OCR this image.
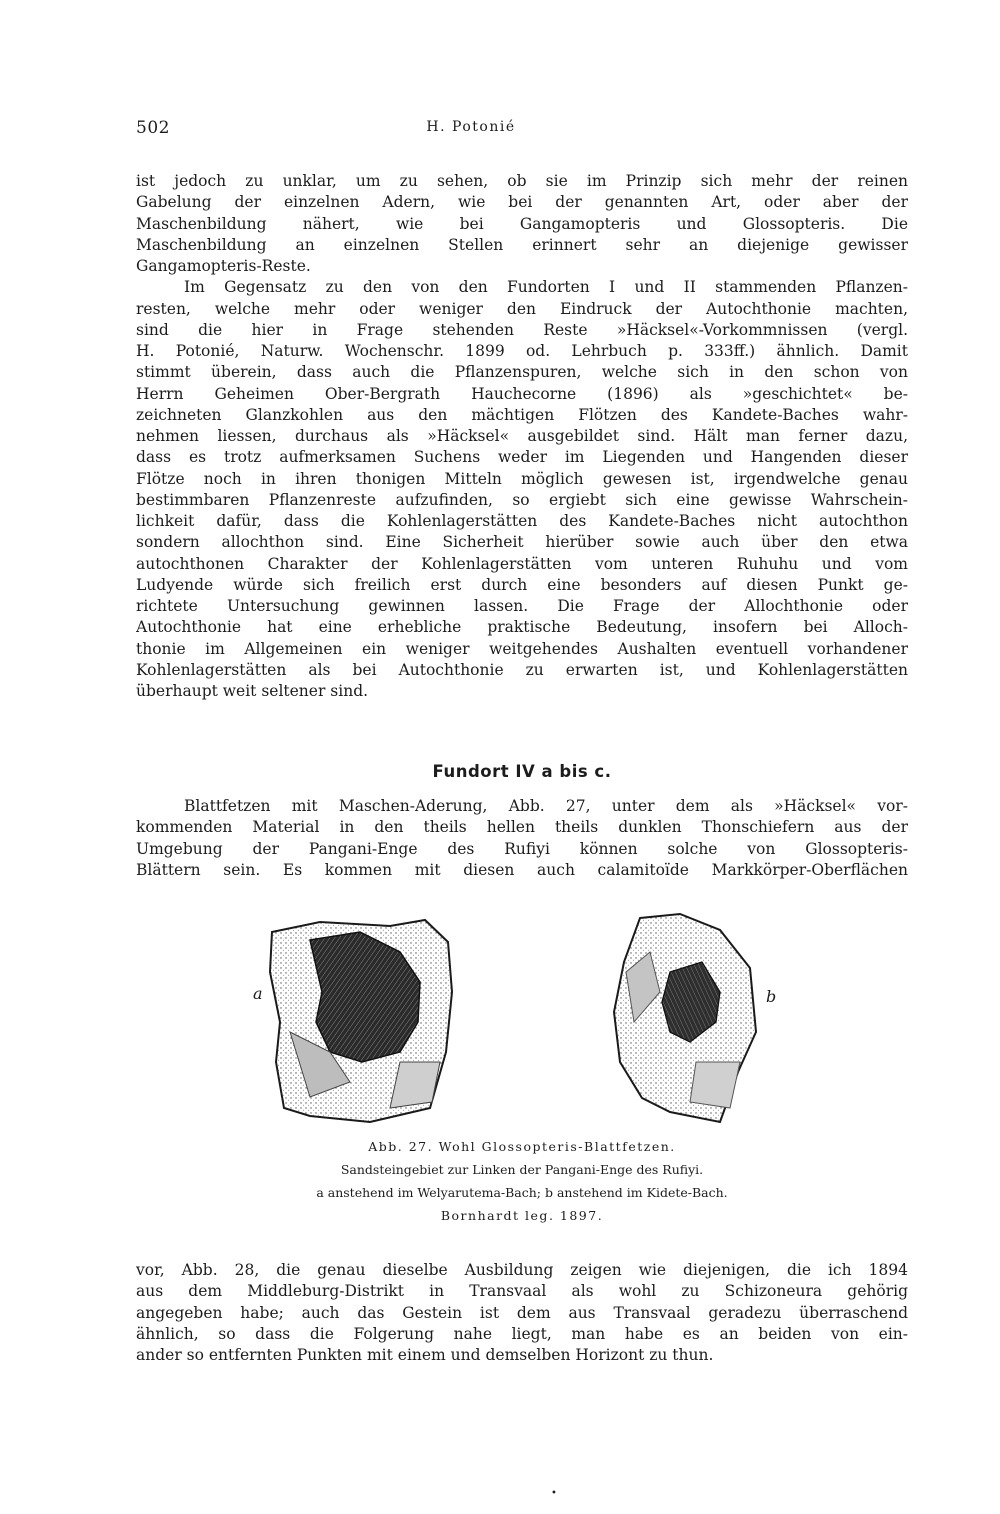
502	H. Potonié
ist jedoch zu unklar, um zu sehen, ob sie im Prinzip sich mehr der reinen
Gabelung der einzelnen Adern, wie bei der genannten Art, oder aber der
Maschenbildung nähert, wie bei Gangamopteris und Glossopteris. Die
Maschenbildung an einzelnen Stellen erinnert sehr an diejenige gewisser
Gangamopteris-Reste.
Im Gegensatz zu den von den Fundorten I und II stammenden Pflanzen-
resten, welche mehr oder weniger den Eindruck der Autochthonie machten,
sind die hier in Frage stehenden Reste »Häcksel«-Vorkommnissen (vergl.
H. Potonié, Naturw. Wochenschr. 1899 od. Lehrbuch p. 333ff.) ähnlich. Damit
stimmt überein, dass auch die Pflanzenspuren, welche sich in den schon von
Herrn Geheimen Ober-Bergrath Hauchecorne (1896) als »geschichtet« be-
zeichneten Glanzkohlen aus den mächtigen Flötzen des Kandete-Baches wahr-
nehmen liessen, durchaus als »Häcksel« ausgebildet sind. Hält man ferner dazu,
dass es trotz aufmerksamen Suchens weder im Liegenden und Hangenden dieser
Flötze noch in ihren thonigen Mitteln möglich gewesen ist, irgendwelche genau
bestimmbaren Pflanzenreste aufzufinden, so ergiebt sich eine gewisse Wahrschein-
lichkeit dafür, dass die Kohlenlagerstätten des Kandete-Baches nicht autochthon
sondern allochthon sind. Eine Sicherheit hierüber sowie auch über den etwa
autochthonen Charakter der Kohlenlagerstätten vom unteren Ruhuhu und vom
Ludyende würde sich freilich erst durch eine besonders auf diesen Punkt ge-
richtete Untersuchung gewinnen lassen. Die Frage der Allochthonie oder
Autochthonie hat eine erhebliche praktische Bedeutung, insofern bei Alloch-
thonie im Allgemeinen ein weniger weitgehendes Aushalten eventuell vorhandener
Kohlenlagerstätten als bei Autochthonie zu erwarten ist, und Kohlenlagerstätten
überhaupt weit seltener sind.
Fundort IV a bis c.
Blattfetzen mit Maschen-Aderung, Abb. 27, unter dem als »Häcksel« vor-
kommenden Material in den theils hellen theils dunklen Thonschiefern aus der
Umgebung der Pangani-Enge des Rufiyi können solche von Glossopteris-
Blättern sein. Es kommen mit diesen auch calamitoïde Markkörper-Oberflächen
a	b
Abb. 27. Wohl Glossopteris-Blattfetzen.
Sandsteingebiet zur Linken der Pangani-Enge des Rufiyi.
a anstehend im Welyarutema-Bach; b anstehend im Kidete-Bach.
Bornhardt leg. 1897.
vor, Abb. 28, die genau dieselbe Ausbildung zeigen wie diejenigen, die ich 1894
aus dem Middleburg-Distrikt in Transvaal als wohl zu Schizoneura gehörig
angegeben habe; auch das Gestein ist dem aus Transvaal geradezu überraschend
ähnlich, so dass die Folgerung nahe liegt, man habe es an beiden von ein-
ander so entfernten Punkten mit einem und demselben Horizont zu thun.
•
